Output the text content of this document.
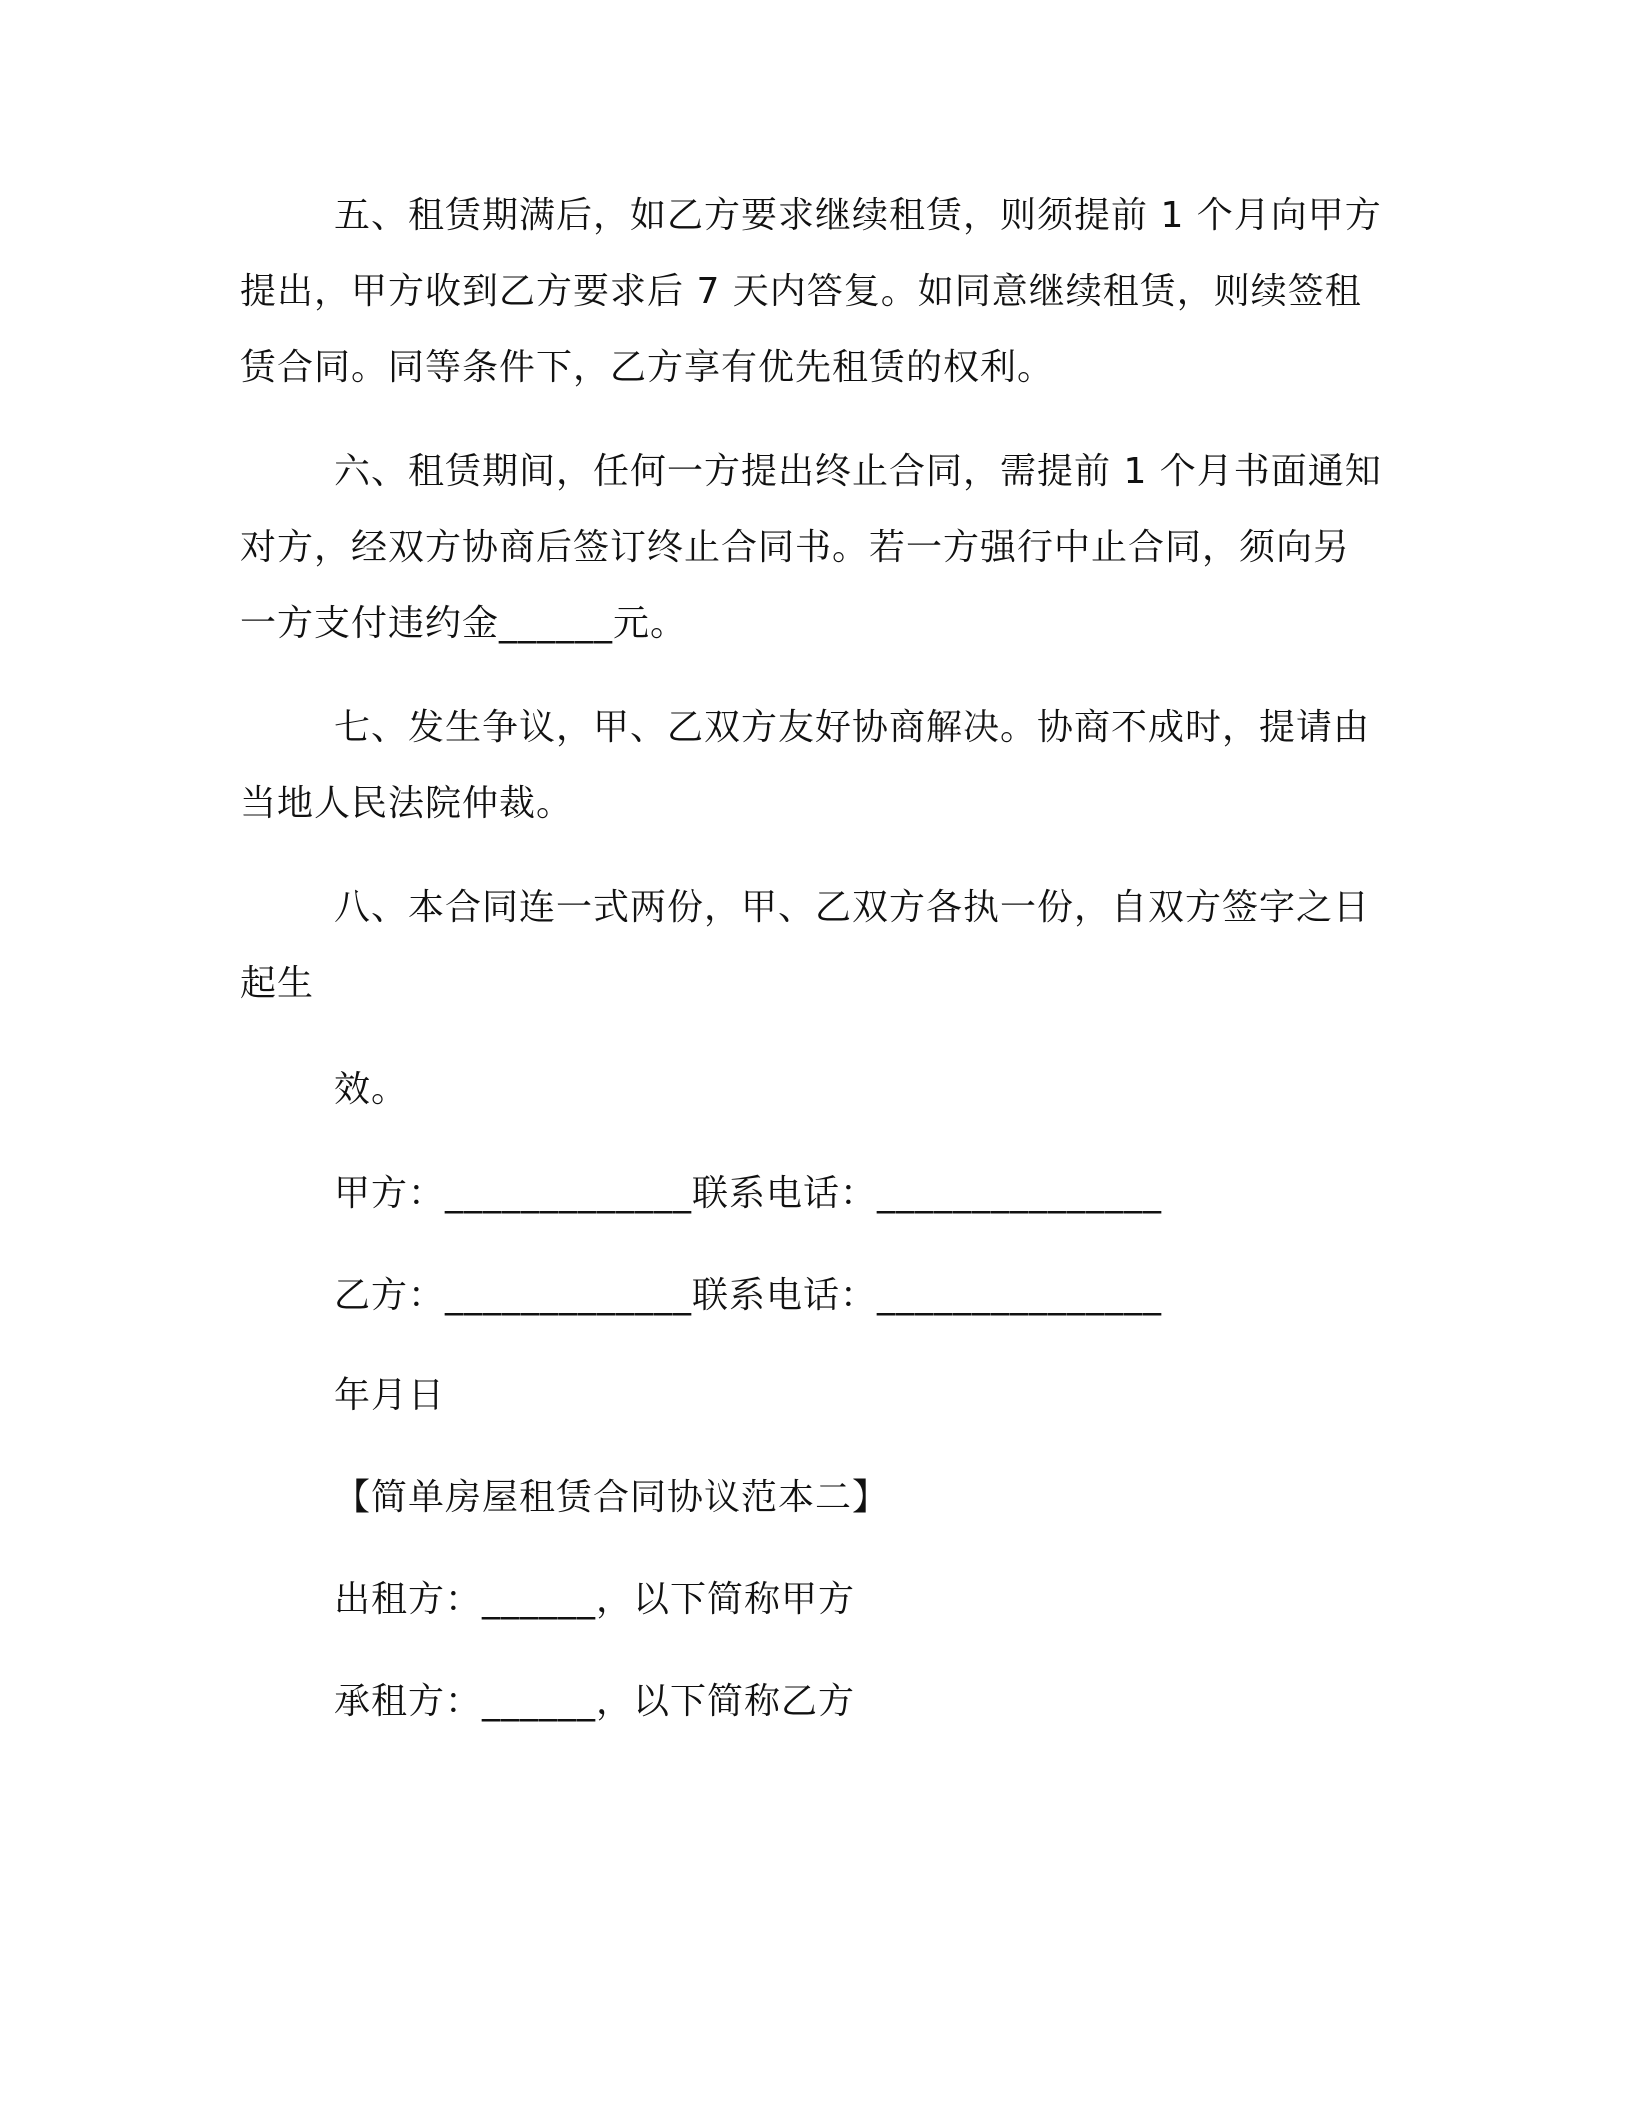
五、租赁期满后，如乙方要求继续租赁，则须提前 1 个月向甲方
提出，甲方收到乙方要求后 7 天内答复。如同意继续租赁，则续签租
赁合同。同等条件下，乙方享有优先租赁的权利。
六、租赁期间，任何一方提出终止合同，需提前 1 个月书面通知
对方，经双方协商后签订终止合同书。若一方强行中止合同，须向另
一方支付违约金______元。
七、发生争议，甲、乙双方友好协商解决。协商不成时，提请由
当地人民法院仲裁。
八、本合同连一式两份，甲、乙双方各执一份，自双方签字之日
起生
效。
甲方：_____________联系电话：_______________
乙方：_____________联系电话：_______________
年月日
【简单房屋租赁合同协议范本二】
出租方：______，以下简称甲方
承租方：______，以下简称乙方
